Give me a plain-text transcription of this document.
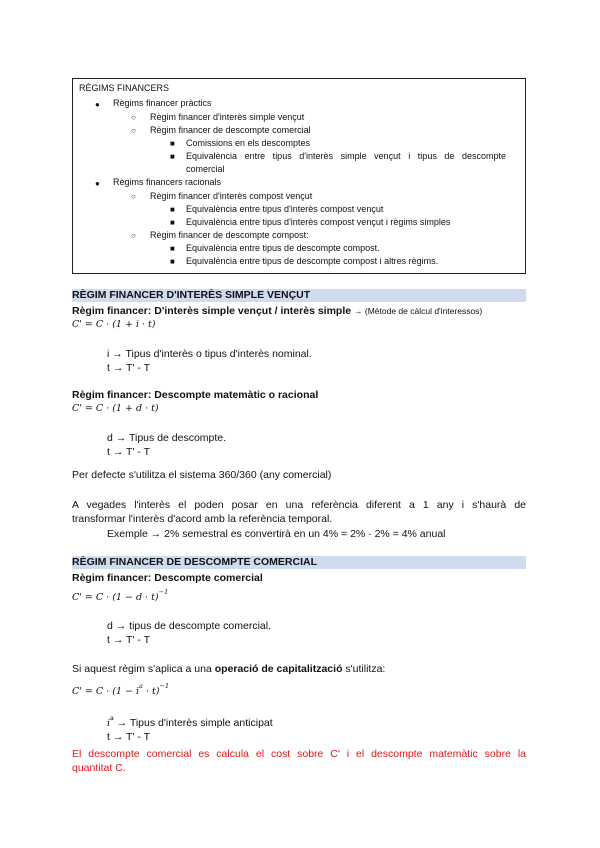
RÈGIMS FINANCERS
● Règims financer pràctics
○ Règim financer d'interès simple vençut
○ Règim financer de descompte comercial
■ Comissions en els descomptes
■ Equivalència entre tipus d'interès simple vençut i tipus de descompte
comercial
● Règims financers racionals
○ Règim financer d'interès compost vençut
■ Equivalència entre tipus d'interès compost vençut
■ Equivalència entre tipus d'interès compost vençut i règims simples
○ Règim financer de descompte compost:
■ Equivalència entre tipus de descompte compost.
■ Equivalència entre tipus de descompte compost i altres règims.
RÈGIM FINANCER D'INTERÈS SIMPLE VENÇUT
Règim financer: D'interès simple vençut / interès simple → (Mètode de càlcul d'interessos)
C' = C · (1 + i · t)
i → Tipus d'interès o tipus d'interès nominal.
t → T' - T
Règim financer: Descompte matemàtic o racional
C' = C · (1 + d · t)
d → Tipus de descompte.
t → T' - T
Per defecte s'utilitza el sistema 360/360 (any comercial)
A vegades l'interès el poden posar en una referència diferent a 1 any i s'haurà de
transformar l'interès d'acord amb la referència temporal.
Exemple → 2% semestral es convertirà en un 4% = 2% · 2% = 4% anual
RÈGIM FINANCER DE DESCOMPTE COMERCIAL
Règim financer: Descompte comercial
$C' = C \cdot (1 - d \cdot t)^{-1}$
d → tipus de descompte comercial.
t → T' - T
Si aquest règim s'aplica a una operació de capitalització s'utilitza:
$C' = C \cdot (1 - i^a \cdot t)^{-1}$
$i^a$ → Tipus d'interès simple anticipat
t → T' - T
El descompte comercial es calcula el cost sobre C' i el descompte matemàtic sobre la
quantitat C.
